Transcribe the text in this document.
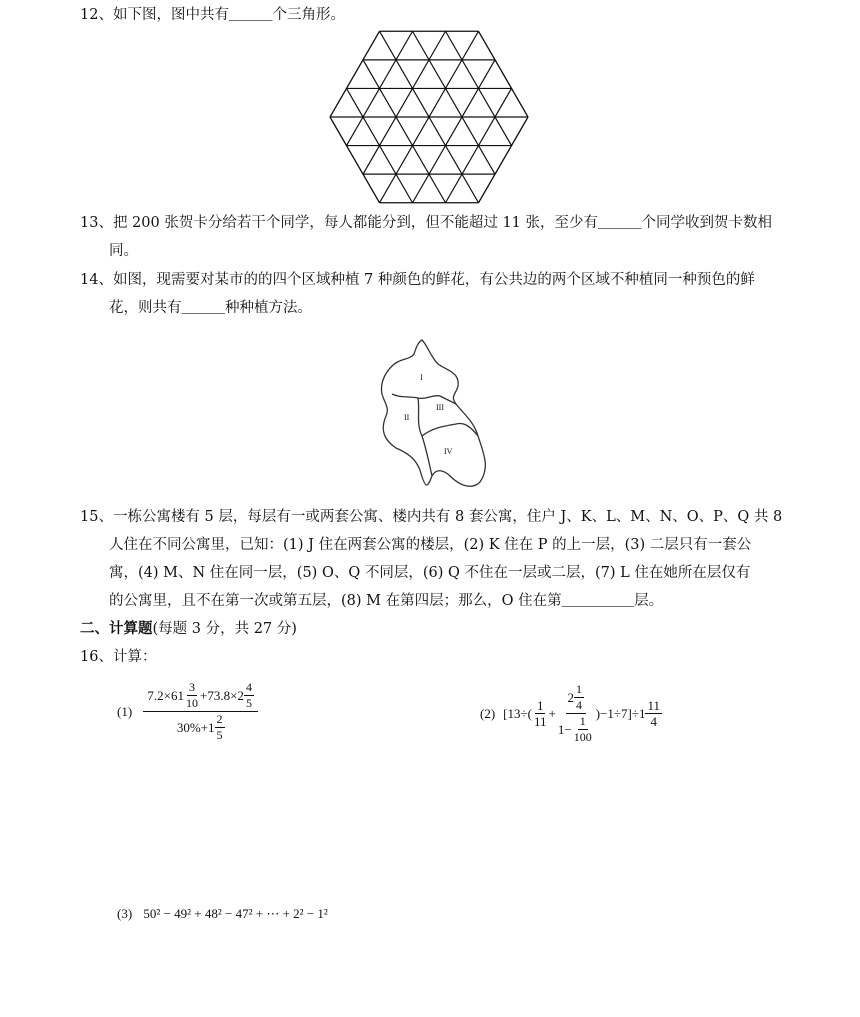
12、如下图，图中共有＿＿＿个三角形。
13、把 200 张贺卡分给若干个同学，每人都能分到，但不能超过 11 张，至少有＿＿＿个同学收到贺卡数相
同。
14、如图，现需要对某市的的四个区域种植 7 种颜色的鲜花，有公共边的两个区域不种植同一种预色的鲜
花，则共有＿＿＿种种植方法。
I
II
III
IV
15、一栋公寓楼有 5 层，每层有一或两套公寓、楼内共有 8 套公寓，住户 J、K、L、M、N、O、P、Q 共 8
人住在不同公寓里，已知：(1) J 住在两套公寓的楼层，(2) K 住在 P 的上一层，(3) 二层只有一套公
寓，(4) M、N 住在同一层，(5) O、Q 不同层，(6) Q 不住在一层或二层，(7) L 住在她所在层仅有
的公寓里，且不在第一次或第五层，(8) M 在第四层；那么，O 住在第＿＿＿＿＿层。
二、计算题(每题 3 分，共 27 分)
16、计算：
$(1) \frac{7.2\times 61 \frac{3}{10} +73.8\times 2 \frac{4}{5}}{30\%+1 \frac{2}{5}}$	(2) $[13\div( \frac{1}{11} + \frac{2 \frac{1}{4}}{1- \frac{1}{100}} )-1\div 7]\div 1 \frac{11}{4}$
(3) 50² − 49² + 48² − 47² + ⋯ + 2² − 1²
